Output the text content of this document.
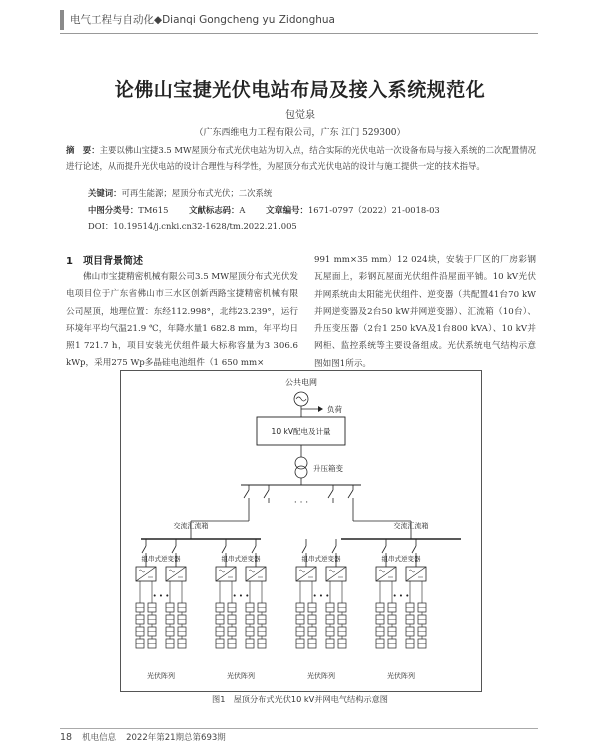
电气工程与自动化◆Dianqi Gongcheng yu Zidonghua
论佛山宝捷光伏电站布局及接入系统规范化
包觉泉
（广东西维电力工程有限公司，广东 江门 529300）
摘　要：主要以佛山宝捷3.5 MW屋顶分布式光伏电站为切入点，结合实际的光伏电站一次设备布局与接入系统的二次配置情况进行论述，从而提升光伏电站的设计合理性与科学性，为屋顶分布式光伏电站的设计与施工提供一定的技术指导。
关键词：可再生能源；屋顶分布式光伏；二次系统
中图分类号：TM615 文献标志码：A 文章编号：1671-0797（2022）21-0018-03
DOI：10.19514/j.cnki.cn32-1628/tm.2022.21.005
1　项目背景简述
佛山市宝捷精密机械有限公司3.5 MW屋顶分布式光伏发电项目位于广东省佛山市三水区创新西路宝捷精密机械有限公司屋顶，地理位置：东经112.998°，北纬23.239°，运行环境年平均气温21.9 ℃，年降水量1 682.8 mm，年平均日照1 721.7 h，项目安装光伏组件最大标称容量为3 306.6 kWp，采用275 Wp多晶硅电池组件（1 650 mm×
991 mm×35 mm）12 024块，安装于厂区的厂房彩钢瓦屋面上，彩钢瓦屋面光伏组件沿屋面平铺。10 kV光伏并网系统由太阳能光伏组件、逆变器（共配置41台70 kW并网逆变器及2台50 kW并网逆变器）、汇流箱（10台）、升压变压器（2台1 250 kVA及1台800 kVA）、10 kV并网柜、监控系统等主要设备组成。光伏系统电气结构示意图如图1所示。
公共电网
负荷
10 kV配电及计量
升压箱变
· · ·
交流汇流箱	交流汇流箱
组串式逆变器
• • •
光伏阵列
组串式逆变器
• • •
光伏阵列
组串式逆变器
• • •
光伏阵列
组串式逆变器
• • •
光伏阵列
图1　屋顶分布式光伏10 kV并网电气结构示意图
18 机电信息 2022年第21期总第693期
